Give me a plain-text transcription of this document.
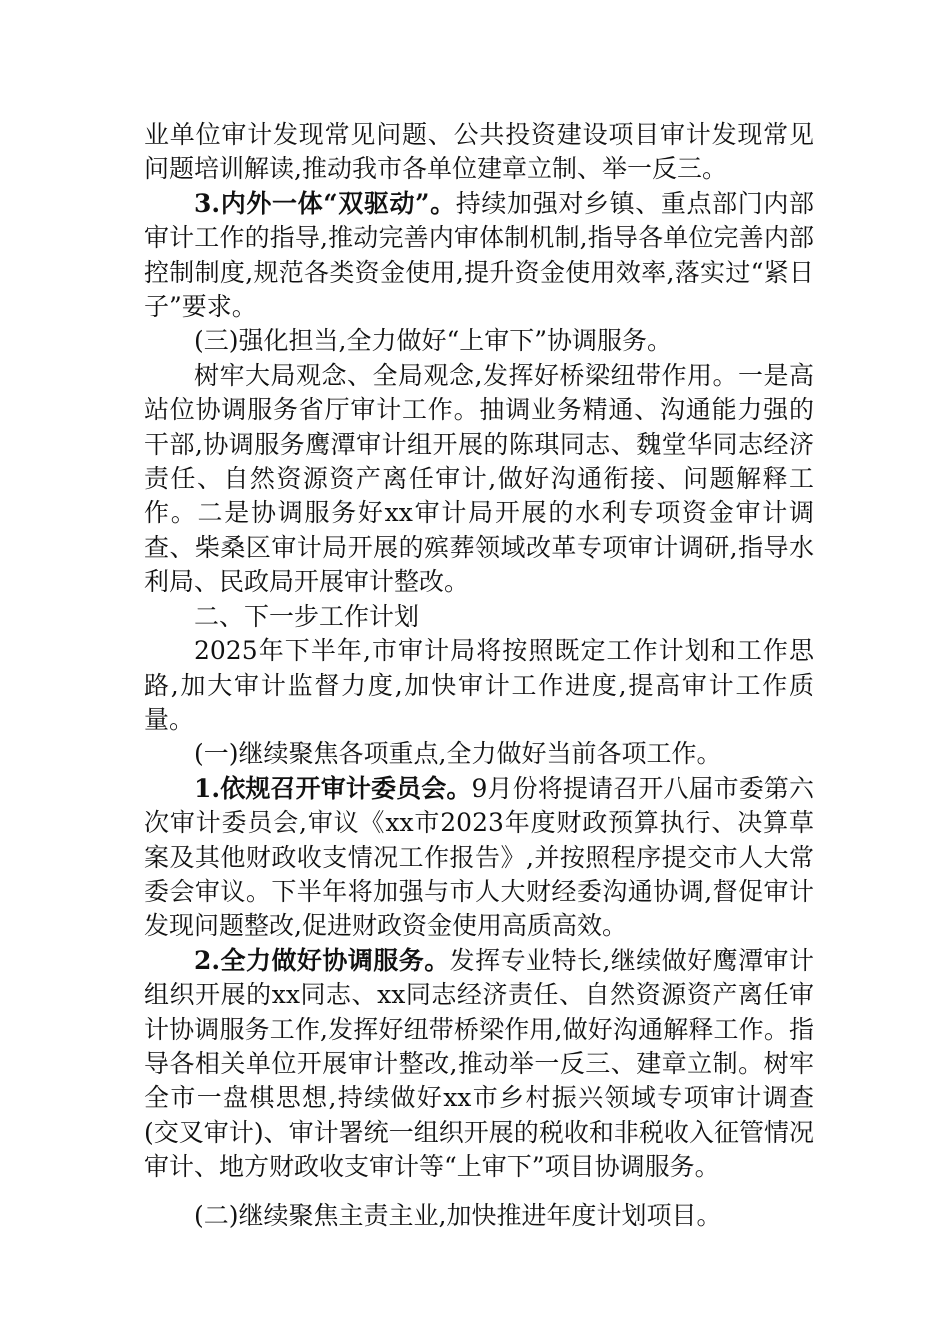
业单位审计发现常见问题、公共投资建设项目审计发现常见问题培训解读,推动我市各单位建章立制、举一反三。

3.内外一体“双驱动”。持续加强对乡镇、重点部门内部审计工作的指导,推动完善内审体制机制,指导各单位完善内部控制制度,规范各类资金使用,提升资金使用效率,落实过“紧日子”要求。

(三)强化担当,全力做好“上审下”协调服务。

树牢大局观念、全局观念,发挥好桥梁纽带作用。一是高站位协调服务省厅审计工作。抽调业务精通、沟通能力强的干部,协调服务鹰潭审计组开展的陈琪同志、魏堂华同志经济责任、自然资源资产离任审计,做好沟通衔接、问题解释工作。二是协调服务好xx审计局开展的水利专项资金审计调查、柴桑区审计局开展的殡葬领域改革专项审计调研,指导水利局、民政局开展审计整改。

二、下一步工作计划

2025年下半年,市审计局将按照既定工作计划和工作思路,加大审计监督力度,加快审计工作进度,提高审计工作质量。

(一)继续聚焦各项重点,全力做好当前各项工作。

1.依规召开审计委员会。9月份将提请召开八届市委第六次审计委员会,审议《xx市2023年度财政预算执行、决算草案及其他财政收支情况工作报告》,并按照程序提交市人大常委会审议。下半年将加强与市人大财经委沟通协调,督促审计发现问题整改,促进财政资金使用高质高效。

2.全力做好协调服务。发挥专业特长,继续做好鹰潭审计组织开展的xx同志、xx同志经济责任、自然资源资产离任审计协调服务工作,发挥好纽带桥梁作用,做好沟通解释工作。指导各相关单位开展审计整改,推动举一反三、建章立制。树牢全市一盘棋思想,持续做好xx市乡村振兴领域专项审计调查(交叉审计)、审计署统一组织开展的税收和非税收入征管情况审计、地方财政收支审计等“上审下”项目协调服务。

(二)继续聚焦主责主业,加快推进年度计划项目。
